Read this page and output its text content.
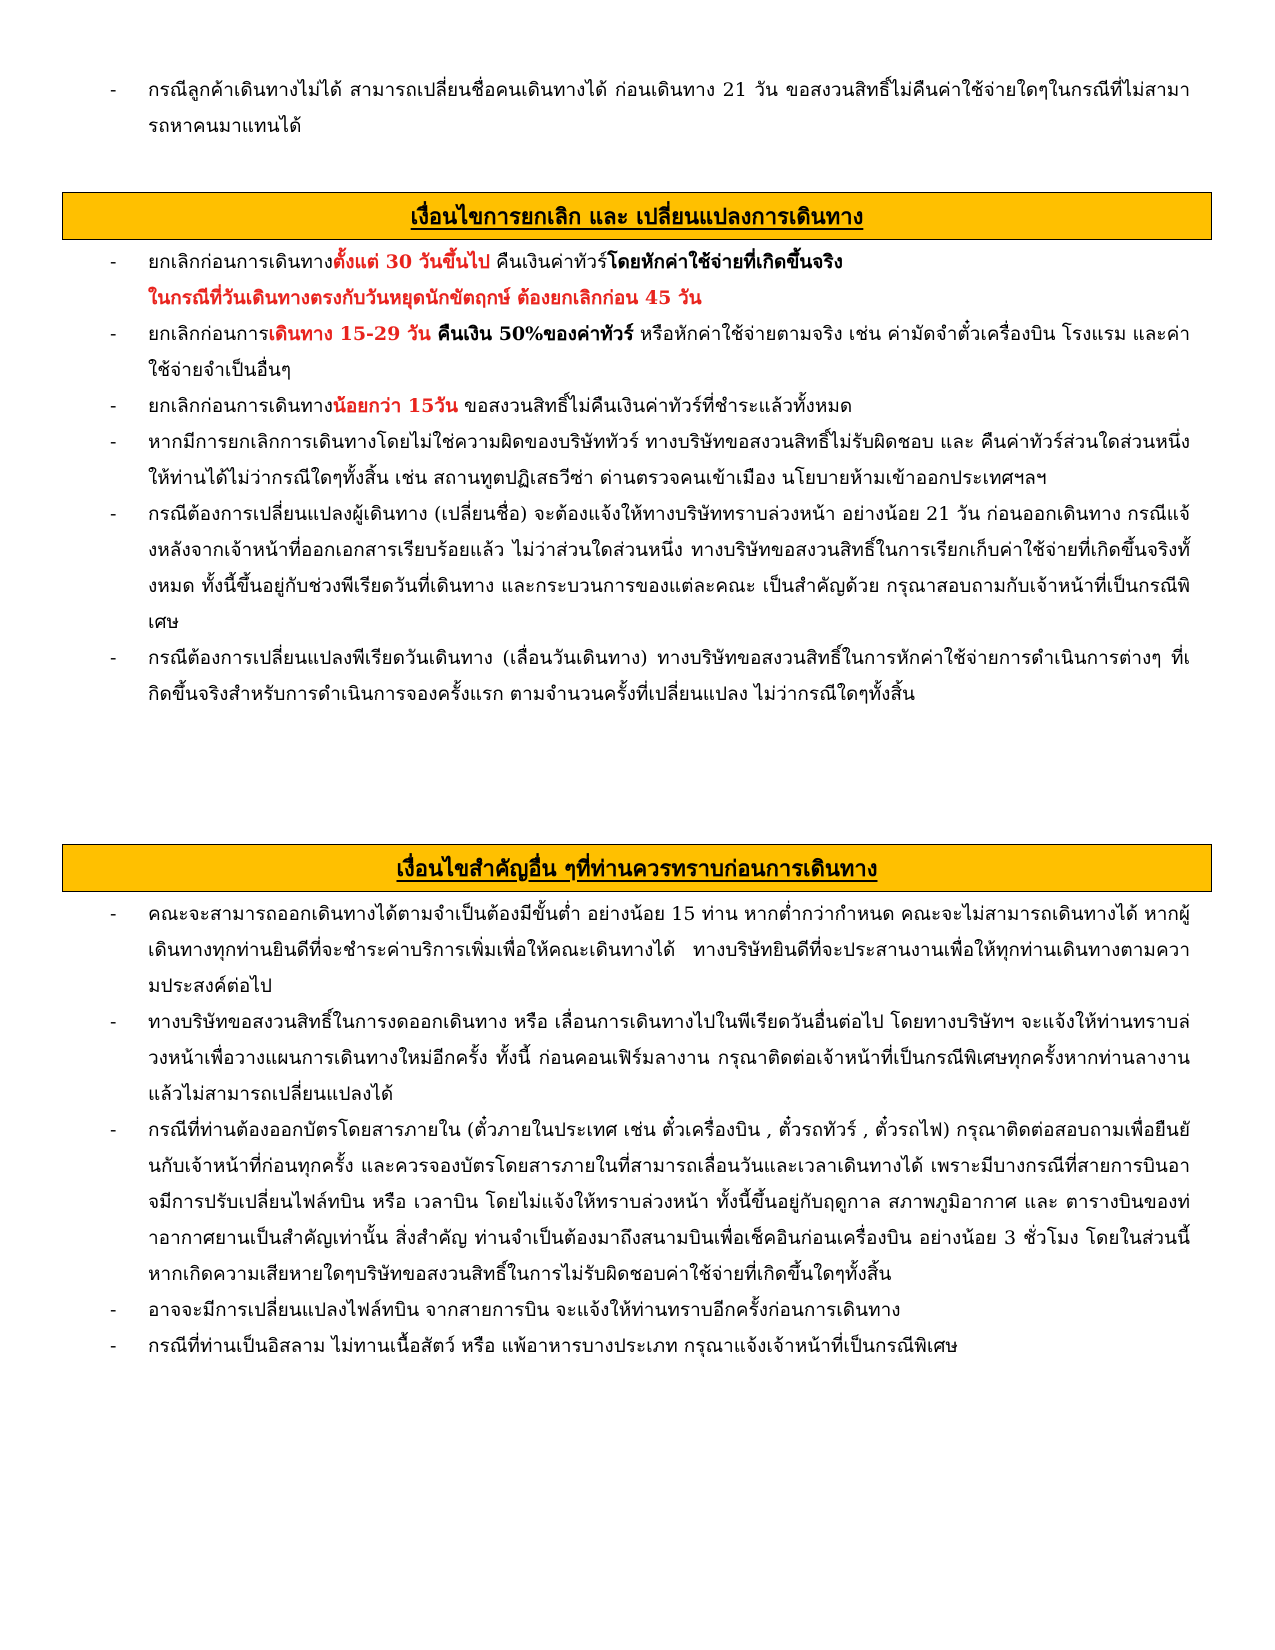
-	กรณีลูกค้าเดินทางไม่ได้ สามารถเปลี่ยนชื่อคนเดินทางได้ ก่อนเดินทาง 21 วัน ขอสงวนสิทธิ์ไม่คืนค่าใช้จ่ายใดๆในกรณีที่ไม่สามารถหาคนมาแทนได้
เงื่อนไขการยกเลิก และ เปลี่ยนแปลงการเดินทาง
-	ยกเลิกก่อนการเดินทางตั้งแต่ 30 วันขึ้นไป คืนเงินค่าทัวร์โดยหักค่าใช้จ่ายที่เกิดขึ้นจริง
ในกรณีที่วันเดินทางตรงกับวันหยุดนักขัตฤกษ์ ต้องยกเลิกก่อน 45 วัน
-	ยกเลิกก่อนการเดินทาง 15-29 วัน คืนเงิน 50%ของค่าทัวร์ หรือหักค่าใช้จ่ายตามจริง เช่น ค่ามัดจำตั๋วเครื่องบิน โรงแรม และค่าใช้จ่ายจำเป็นอื่นๆ
-	ยกเลิกก่อนการเดินทางน้อยกว่า 15วัน ขอสงวนสิทธิ์ไม่คืนเงินค่าทัวร์ที่ชำระแล้วทั้งหมด
-	หากมีการยกเลิกการเดินทางโดยไม่ใช่ความผิดของบริษัททัวร์ ทางบริษัทขอสงวนสิทธิ์ไม่รับผิดชอบ และ คืนค่าทัวร์ส่วนใดส่วนหนึ่งให้ท่านได้ไม่ว่ากรณีใดๆทั้งสิ้น เช่น สถานทูตปฏิเสธวีซ่า ด่านตรวจคนเข้าเมือง นโยบายห้ามเข้าออกประเทศฯลฯ
-	กรณีต้องการเปลี่ยนแปลงผู้เดินทาง (เปลี่ยนชื่อ) จะต้องแจ้งให้ทางบริษัททราบล่วงหน้า อย่างน้อย 21 วัน ก่อนออกเดินทาง กรณีแจ้งหลังจากเจ้าหน้าที่ออกเอกสารเรียบร้อยแล้ว ไม่ว่าส่วนใดส่วนหนึ่ง ทางบริษัทขอสงวนสิทธิ์ในการเรียกเก็บค่าใช้จ่ายที่เกิดขึ้นจริงทั้งหมด ทั้งนี้ขึ้นอยู่กับช่วงพีเรียดวันที่เดินทาง และกระบวนการของแต่ละคณะ เป็นสำคัญด้วย กรุณาสอบถามกับเจ้าหน้าที่เป็นกรณีพิเศษ
-	กรณีต้องการเปลี่ยนแปลงพีเรียดวันเดินทาง (เลื่อนวันเดินทาง) ทางบริษัทขอสงวนสิทธิ์ในการหักค่าใช้จ่ายการดำเนินการต่างๆ ที่เกิดขึ้นจริงสำหรับการดำเนินการจองครั้งแรก ตามจำนวนครั้งที่เปลี่ยนแปลง ไม่ว่ากรณีใดๆทั้งสิ้น
เงื่อนไขสำคัญอื่น ๆที่ท่านควรทราบก่อนการเดินทาง
-	คณะจะสามารถออกเดินทางได้ตามจำเป็นต้องมีขั้นต่ำ อย่างน้อย 15 ท่าน หากต่ำกว่ากำหนด คณะจะไม่สามารถเดินทางได้ หากผู้เดินทางทุกท่านยินดีที่จะชำระค่าบริการเพิ่มเพื่อให้คณะเดินทางได้ ทางบริษัทยินดีที่จะประสานงานเพื่อให้ทุกท่านเดินทางตามความประสงค์ต่อไป
-	ทางบริษัทขอสงวนสิทธิ์ในการงดออกเดินทาง หรือ เลื่อนการเดินทางไปในพีเรียดวันอื่นต่อไป โดยทางบริษัทฯ จะแจ้งให้ท่านทราบล่วงหน้าเพื่อวางแผนการเดินทางใหม่อีกครั้ง ทั้งนี้ ก่อนคอนเฟิร์มลางาน กรุณาติดต่อเจ้าหน้าที่เป็นกรณีพิเศษทุกครั้งหากท่านลางานแล้วไม่สามารถเปลี่ยนแปลงได้
-	กรณีที่ท่านต้องออกบัตรโดยสารภายใน (ตั๋วภายในประเทศ เช่น ตั๋วเครื่องบิน , ตั๋วรถทัวร์ , ตั๋วรถไฟ) กรุณาติดต่อสอบถามเพื่อยืนยันกับเจ้าหน้าที่ก่อนทุกครั้ง และควรจองบัตรโดยสารภายในที่สามารถเลื่อนวันและเวลาเดินทางได้ เพราะมีบางกรณีที่สายการบินอาจมีการปรับเปลี่ยนไฟล์ทบิน หรือ เวลาบิน โดยไม่แจ้งให้ทราบล่วงหน้า ทั้งนี้ขึ้นอยู่กับฤดูกาล สภาพภูมิอากาศ และ ตารางบินของท่าอากาศยานเป็นสำคัญเท่านั้น สิ่งสำคัญ ท่านจำเป็นต้องมาถึงสนามบินเพื่อเช็คอินก่อนเครื่องบิน อย่างน้อย 3 ชั่วโมง โดยในส่วนนี้หากเกิดความเสียหายใดๆบริษัทขอสงวนสิทธิ์ในการไม่รับผิดชอบค่าใช้จ่ายที่เกิดขึ้นใดๆทั้งสิ้น
-	อาจจะมีการเปลี่ยนแปลงไฟล์ทบิน จากสายการบิน จะแจ้งให้ท่านทราบอีกครั้งก่อนการเดินทาง
-	กรณีที่ท่านเป็นอิสลาม ไม่ทานเนื้อสัตว์ หรือ แพ้อาหารบางประเภท กรุณาแจ้งเจ้าหน้าที่เป็นกรณีพิเศษ
